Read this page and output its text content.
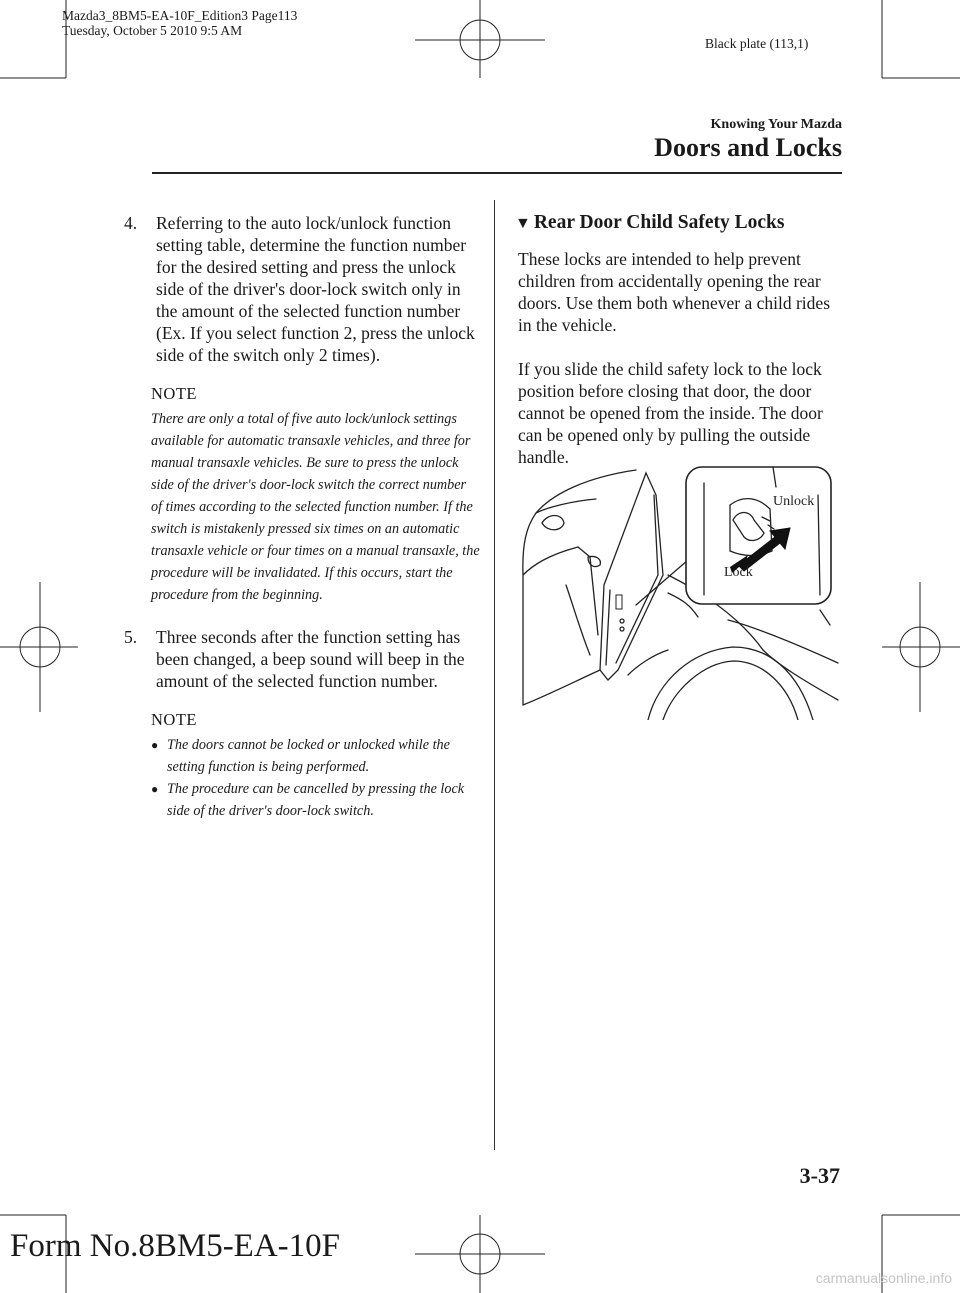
Mazda3_8BM5-EA-10F_Edition3 Page113
Tuesday, October 5 2010 9:5 AM
Black plate (113,1)
Knowing Your Mazda
Doors and Locks
4. Referring to the auto lock/unlock function setting table, determine the function number for the desired setting and press the unlock side of the driver's door-lock switch only in the amount of the selected function number (Ex. If you select function 2, press the unlock side of the switch only 2 times).
NOTE
There are only a total of five auto lock/unlock settings available for automatic transaxle vehicles, and three for manual transaxle vehicles. Be sure to press the unlock side of the driver's door-lock switch the correct number of times according to the selected function number. If the switch is mistakenly pressed six times on an automatic transaxle vehicle or four times on a manual transaxle, the procedure will be invalidated. If this occurs, start the procedure from the beginning.
5. Three seconds after the function setting has been changed, a beep sound will beep in the amount of the selected function number.
NOTE
● The doors cannot be locked or unlocked while the setting function is being performed.
● The procedure can be cancelled by pressing the lock side of the driver's door-lock switch.
▼ Rear Door Child Safety Locks
These locks are intended to help prevent children from accidentally opening the rear doors. Use them both whenever a child rides in the vehicle.
If you slide the child safety lock to the lock position before closing that door, the door cannot be opened from the inside. The door can be opened only by pulling the outside handle.
Unlock
Lock
3-37
Form No.8BM5-EA-10F
carmanualsonline.info
